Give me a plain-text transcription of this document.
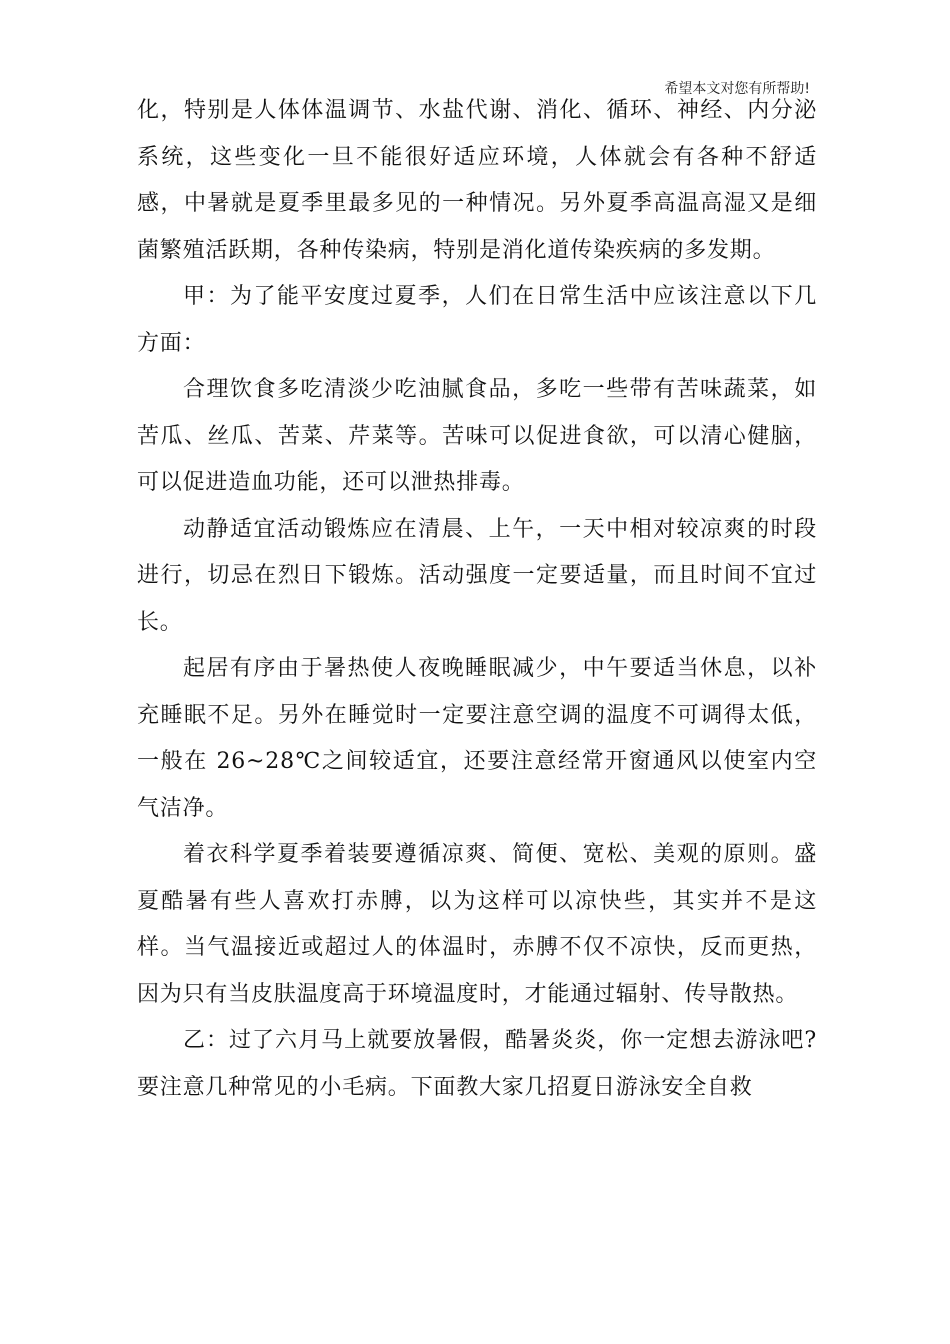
希望本文对您有所帮助!

化，特别是人体体温调节、水盐代谢、消化、循环、神经、内分泌系统，这些变化一旦不能很好适应环境，人体就会有各种不舒适感，中暑就是夏季里最多见的一种情况。另外夏季高温高湿又是细菌繁殖活跃期，各种传染病，特别是消化道传染疾病的多发期。

甲：为了能平安度过夏季，人们在日常生活中应该注意以下几方面：

合理饮食多吃清淡少吃油腻食品，多吃一些带有苦味蔬菜，如苦瓜、丝瓜、苦菜、芹菜等。苦味可以促进食欲，可以清心健脑，可以促进造血功能，还可以泄热排毒。

动静适宜活动锻炼应在清晨、上午，一天中相对较凉爽的时段进行，切忌在烈日下锻炼。活动强度一定要适量，而且时间不宜过长。

起居有序由于暑热使人夜晚睡眠减少，中午要适当休息，以补充睡眠不足。另外在睡觉时一定要注意空调的温度不可调得太低，一般在 26~28℃之间较适宜，还要注意经常开窗通风以使室内空气洁净。

着衣科学夏季着装要遵循凉爽、简便、宽松、美观的原则。盛夏酷暑有些人喜欢打赤膊，以为这样可以凉快些，其实并不是这样。当气温接近或超过人的体温时，赤膊不仅不凉快，反而更热，因为只有当皮肤温度高于环境温度时，才能通过辐射、传导散热。

乙：过了六月马上就要放暑假，酷暑炎炎，你一定想去游泳吧?要注意几种常见的小毛病。下面教大家几招夏日游泳安全自救
